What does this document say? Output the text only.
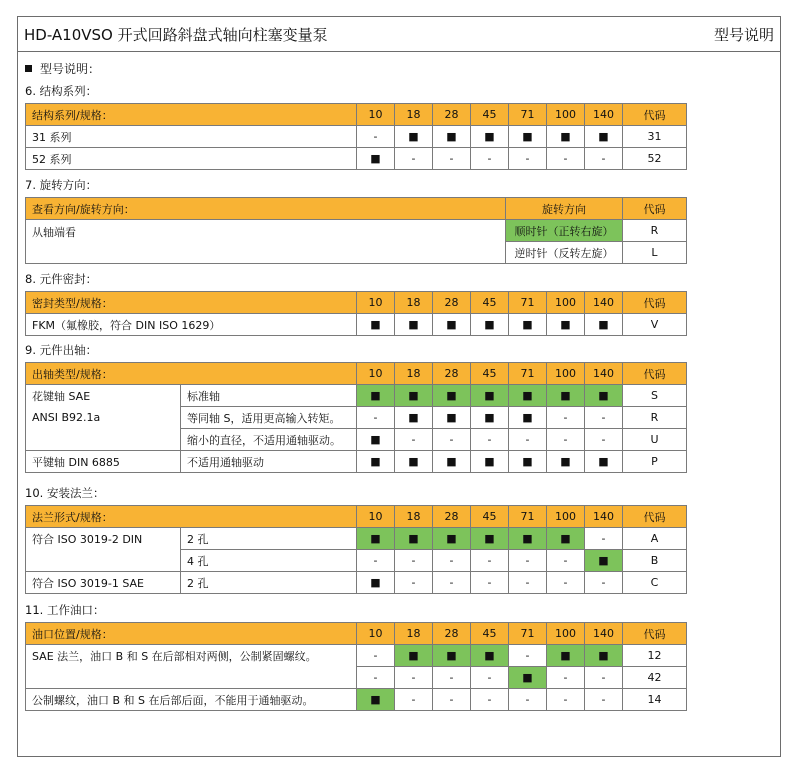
HD-A10VSO 开式回路斜盘式轴向柱塞变量泵	型号说明
型号说明：
6. 结构系列：
结构系列/规格：	10	18	28	45	71	100	140	代码
31 系列	-	■	■	■	■	■	■	31
52 系列	■	-	-	-	-	-	-	52
7. 旋转方向：
查看方向/旋转方向：	旋转方向	代码
从轴端看	顺时针（正转右旋）	R
	逆时针（反转左旋）	L
8. 元件密封：
密封类型/规格：	10	18	28	45	71	100	140	代码
FKM（氟橡胶，符合 DIN ISO 1629）	■	■	■	■	■	■	■	V
9. 元件出轴：
出轴类型/规格：		10	18	28	45	71	100	140	代码
花键轴 SAE	标准轴	■	■	■	■	■	■	■	S
ANSI B92.1a	等同轴 S，适用更高输入转矩。	-	■	■	■	■	-	-	R
	缩小的直径，不适用通轴驱动。	■	-	-	-	-	-	-	U
平键轴 DIN 6885	不适用通轴驱动	■	■	■	■	■	■	■	P
10. 安装法兰：
法兰形式/规格：		10	18	28	45	71	100	140	代码
符合 ISO 3019-2 DIN	2 孔	■	■	■	■	■	■	-	A
	4 孔	-	-	-	-	-	-	■	B
符合 ISO 3019-1 SAE	2 孔	■	-	-	-	-	-	-	C
11. 工作油口：
油口位置/规格：	10	18	28	45	71	100	140	代码
SAE 法兰，油口 B 和 S 在后部相对两侧，公制紧固螺纹。	-	■	■	■	-	■	■	12
	-	-	-	-	■	-	-	42
公制螺纹，油口 B 和 S 在后部后面，不能用于通轴驱动。	■	-	-	-	-	-	-	14
